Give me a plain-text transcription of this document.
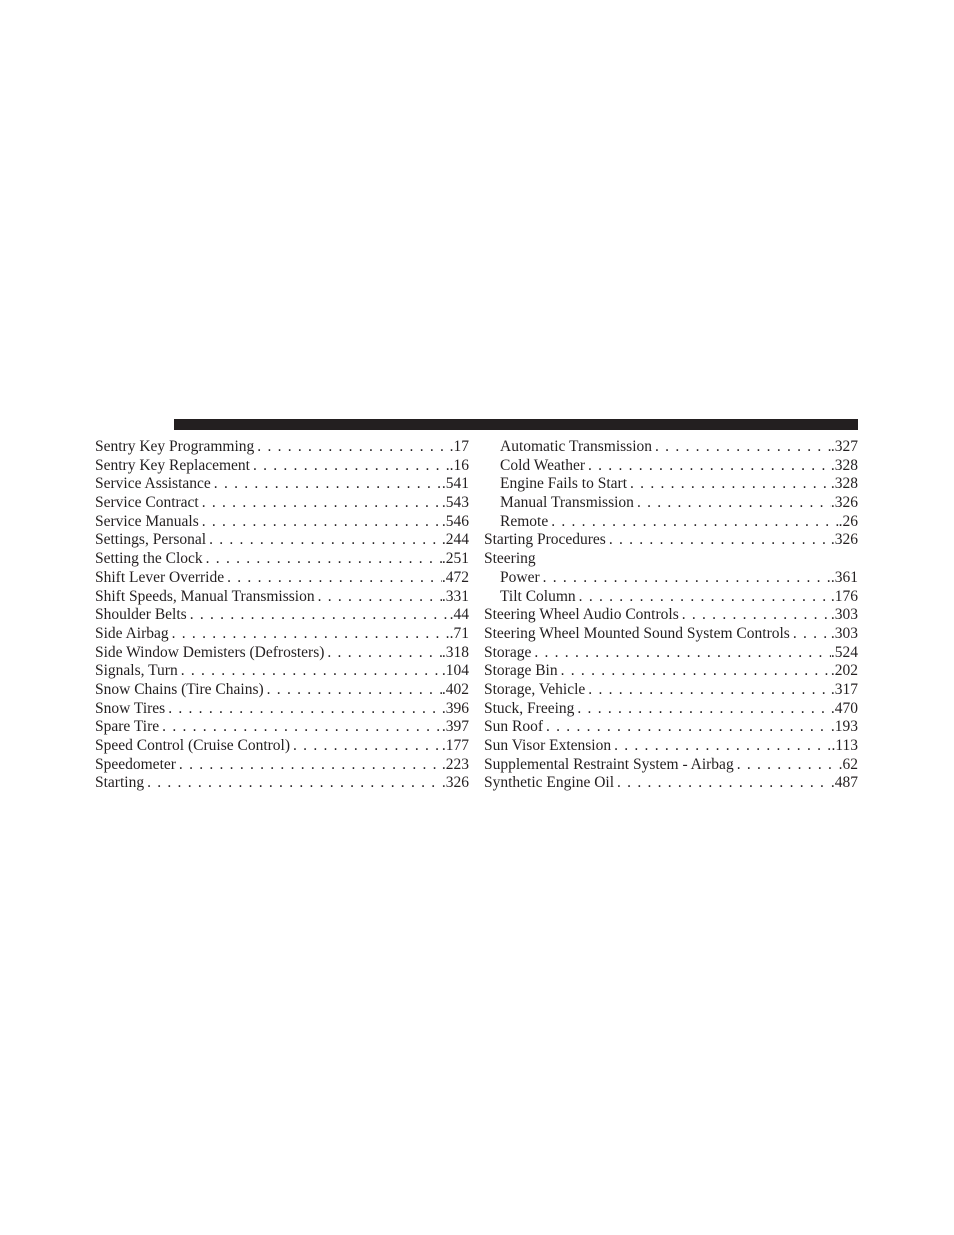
Sentry Key Programming . . .	. 17
Sentry Key Replacement . . .	. 16
Service Assistance . . .	. 541
Service Contract . . .	. 543
Service Manuals . . .	. 546
Settings, Personal . . .	. 244
Setting the Clock . . .	. 251
Shift Lever Override . . .	. 472
Shift Speeds, Manual Transmission . . .	. 331
Shoulder Belts . . .	. 44
Side Airbag . . .	. 71
Side Window Demisters (Defrosters) . . .	. 318
Signals, Turn . . .	. 104
Snow Chains (Tire Chains) . . .	. 402
Snow Tires . . .	. 396
Spare Tire . . .	. 397
Speed Control (Cruise Control) . . .	. 177
Speedometer . . .	. 223
Starting . . .	. 326
Automatic Transmission . . .	. 327
Cold Weather . . .	. 328
Engine Fails to Start . . .	. 328
Manual Transmission . . .	. 326
Remote . . .	. 26
Starting Procedures . . .	. 326
Steering
Power . . .	. 361
Tilt Column . . .	. 176
Steering Wheel Audio Controls . . .	. 303
Steering Wheel Mounted Sound System Controls . . .	. 303
Storage . . .	. 524
Storage Bin . . .	. 202
Storage, Vehicle . . .	. 317
Stuck, Freeing . . .	. 470
Sun Roof . . .	. 193
Sun Visor Extension . . .	. 113
Supplemental Restraint System - Airbag . . .	. 62
Synthetic Engine Oil . . .	. 487
